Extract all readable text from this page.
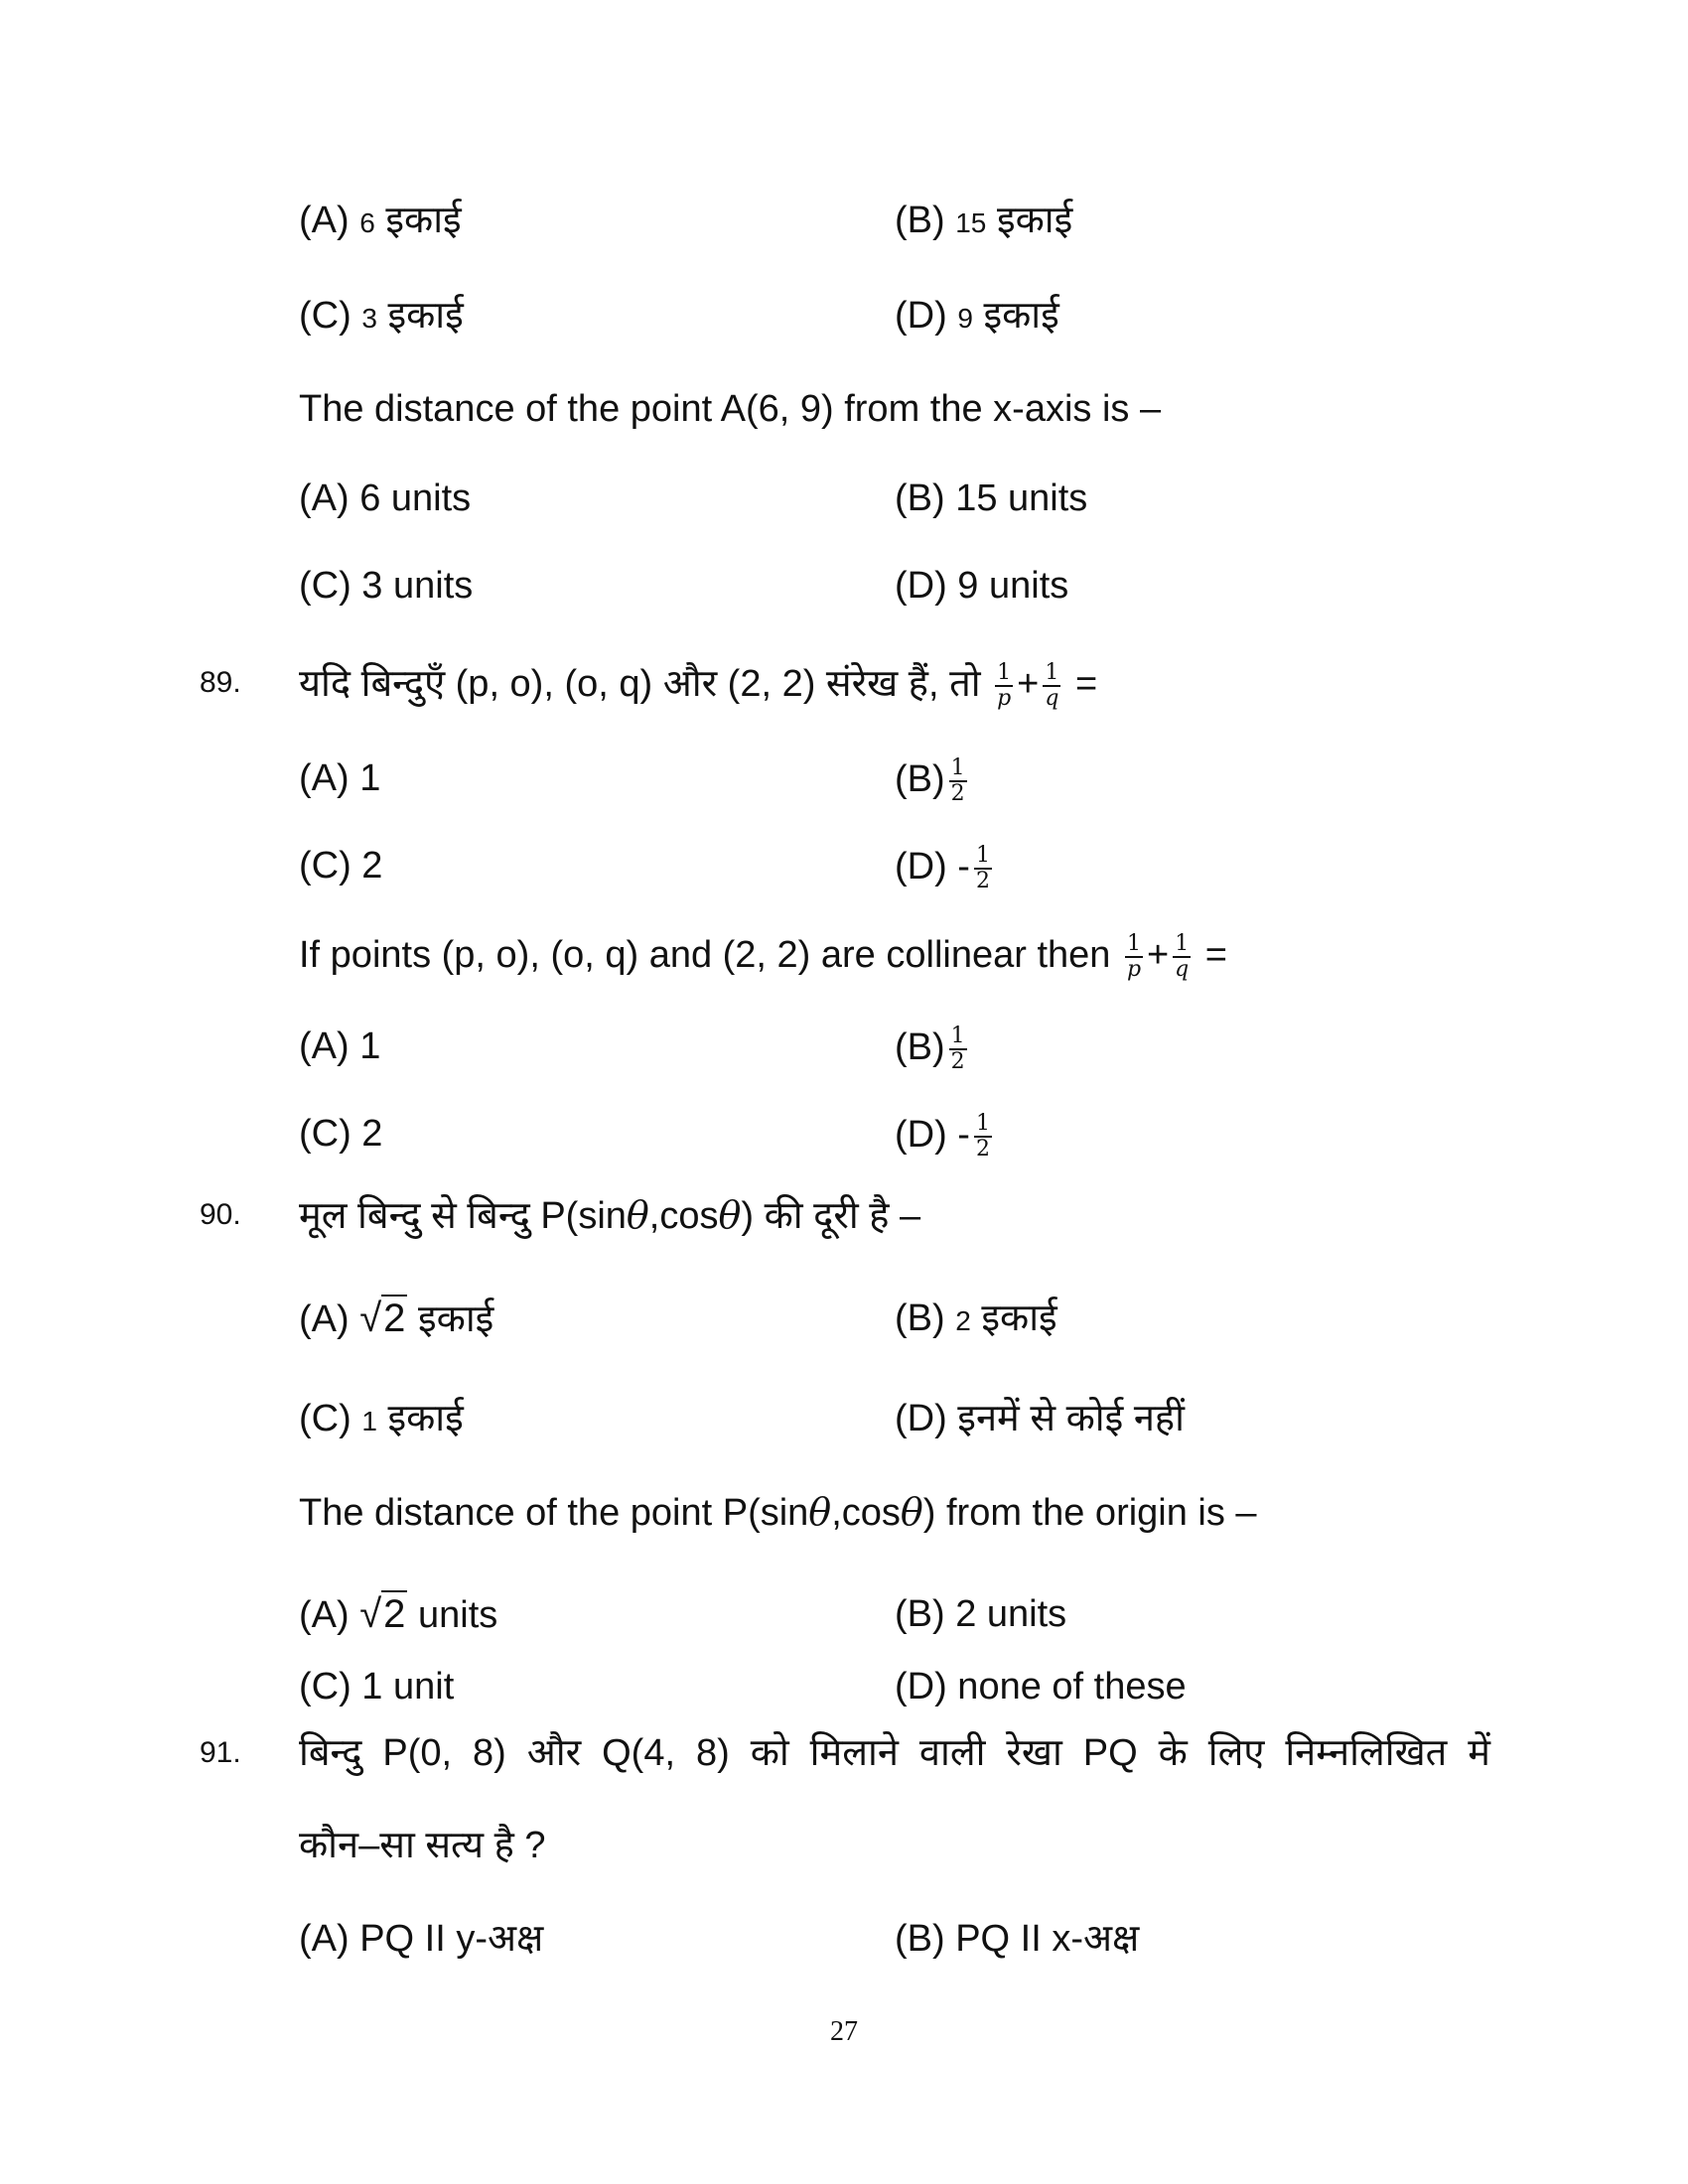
(A) 6 इकाई	(B) 15 इकाई
(C) 3 इकाई	(D) 9 इकाई
The distance of the point A(6, 9) from the x-axis is –
(A) 6 units	(B) 15 units
(C) 3 units	(D) 9 units
89. यदि बिन्दुएँ (p, o), (o, q) और (2, 2) संरेख हैं, तो $\frac{1}{p} + \frac{1}{q}$ =
(A) 1	$(B) \frac{1}{2}$
(C) 2	$(D) - \frac{1}{2}$
If points (p, o), (o, q) and (2, 2) are collinear then $\frac{1}{p} + \frac{1}{q}$ =
(A) 1	$(B) \frac{1}{2}$
(C) 2	$(D) - \frac{1}{2}$
90. मूल बिन्दु से बिन्दु P(sinθ,cosθ) की दूरी है –
(A) √2 इकाई	(B) 2 इकाई
(C) 1 इकाई	(D) इनमें से कोई नहीं
The distance of the point P(sinθ,cosθ) from the origin is –
(A) √2 units	(B) 2 units
(C) 1 unit	(D) none of these
91. बिन्दु P(0, 8) और Q(4, 8) को मिलाने वाली रेखा PQ के लिए निम्नलिखित में
कौन–सा सत्य है ?
(A) PQ II y-अक्ष	(B) PQ II x-अक्ष
27
